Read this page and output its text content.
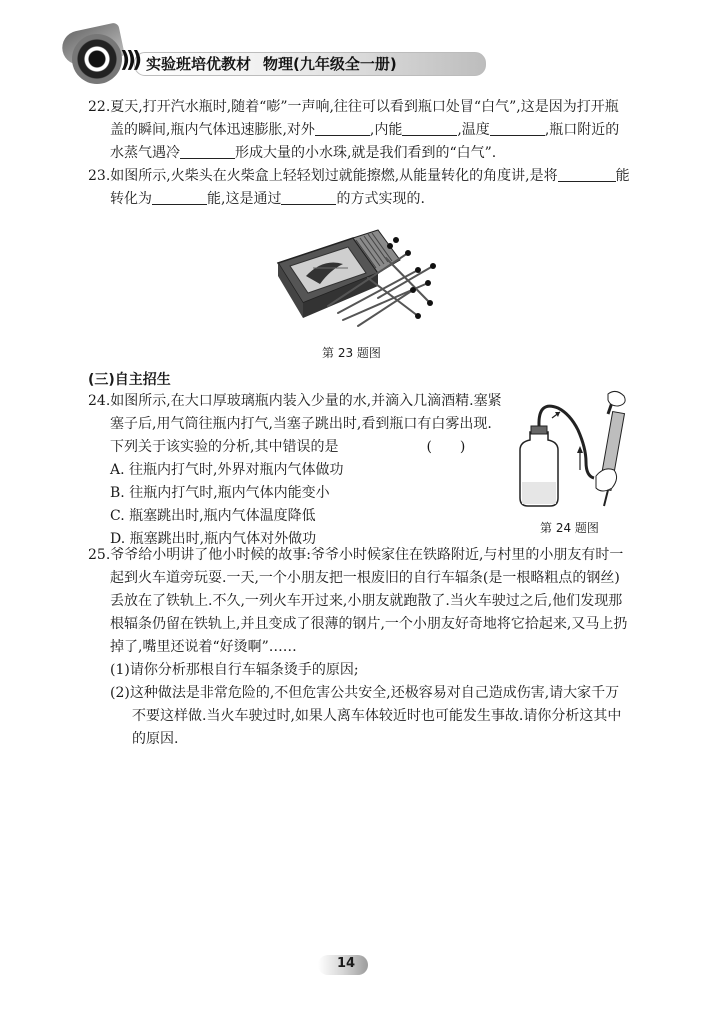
))) 实验班培优教材 物理(九年级全一册)
22.夏天,打开汽水瓶时,随着“嘭”一声响,往往可以看到瓶口处冒“白气”,这是因为打开瓶
盖的瞬间,瓶内气体迅速膨胀,对外	,内能	,温度	,瓶口附近的
水蒸气遇冷	形成大量的小水珠,就是我们看到的“白气”.
23.如图所示,火柴头在火柴盒上轻轻划过就能擦燃,从能量转化的角度讲,是将	能
转化为	能,这是通过	的方式实现的.
第 23 题图
(三)自主招生
24.如图所示,在大口厚玻璃瓶内装入少量的水,并滴入几滴酒精.塞紧
塞子后,用气筒往瓶内打气,当塞子跳出时,看到瓶口有白雾出现.
下列关于该实验的分析,其中错误的是	(　　)
A. 往瓶内打气时,外界对瓶内气体做功
B. 往瓶内打气时,瓶内气体内能变小
C. 瓶塞跳出时,瓶内气体温度降低
D. 瓶塞跳出时,瓶内气体对外做功
第 24 题图
25.爷爷给小明讲了他小时候的故事:爷爷小时候家住在铁路附近,与村里的小朋友有时一
起到火车道旁玩耍.一天,一个小朋友把一根废旧的自行车辐条(是一根略粗点的钢丝)
丢放在了铁轨上.不久,一列火车开过来,小朋友就跑散了.当火车驶过之后,他们发现那
根辐条仍留在铁轨上,并且变成了很薄的钢片,一个小朋友好奇地将它拾起来,又马上扔
掉了,嘴里还说着“好烫啊”……
(1)请你分析那根自行车辐条烫手的原因;
(2)这种做法是非常危险的,不但危害公共安全,还极容易对自己造成伤害,请大家千万
不要这样做.当火车驶过时,如果人离车体较近时也可能发生事故.请你分析这其中
的原因.
14
